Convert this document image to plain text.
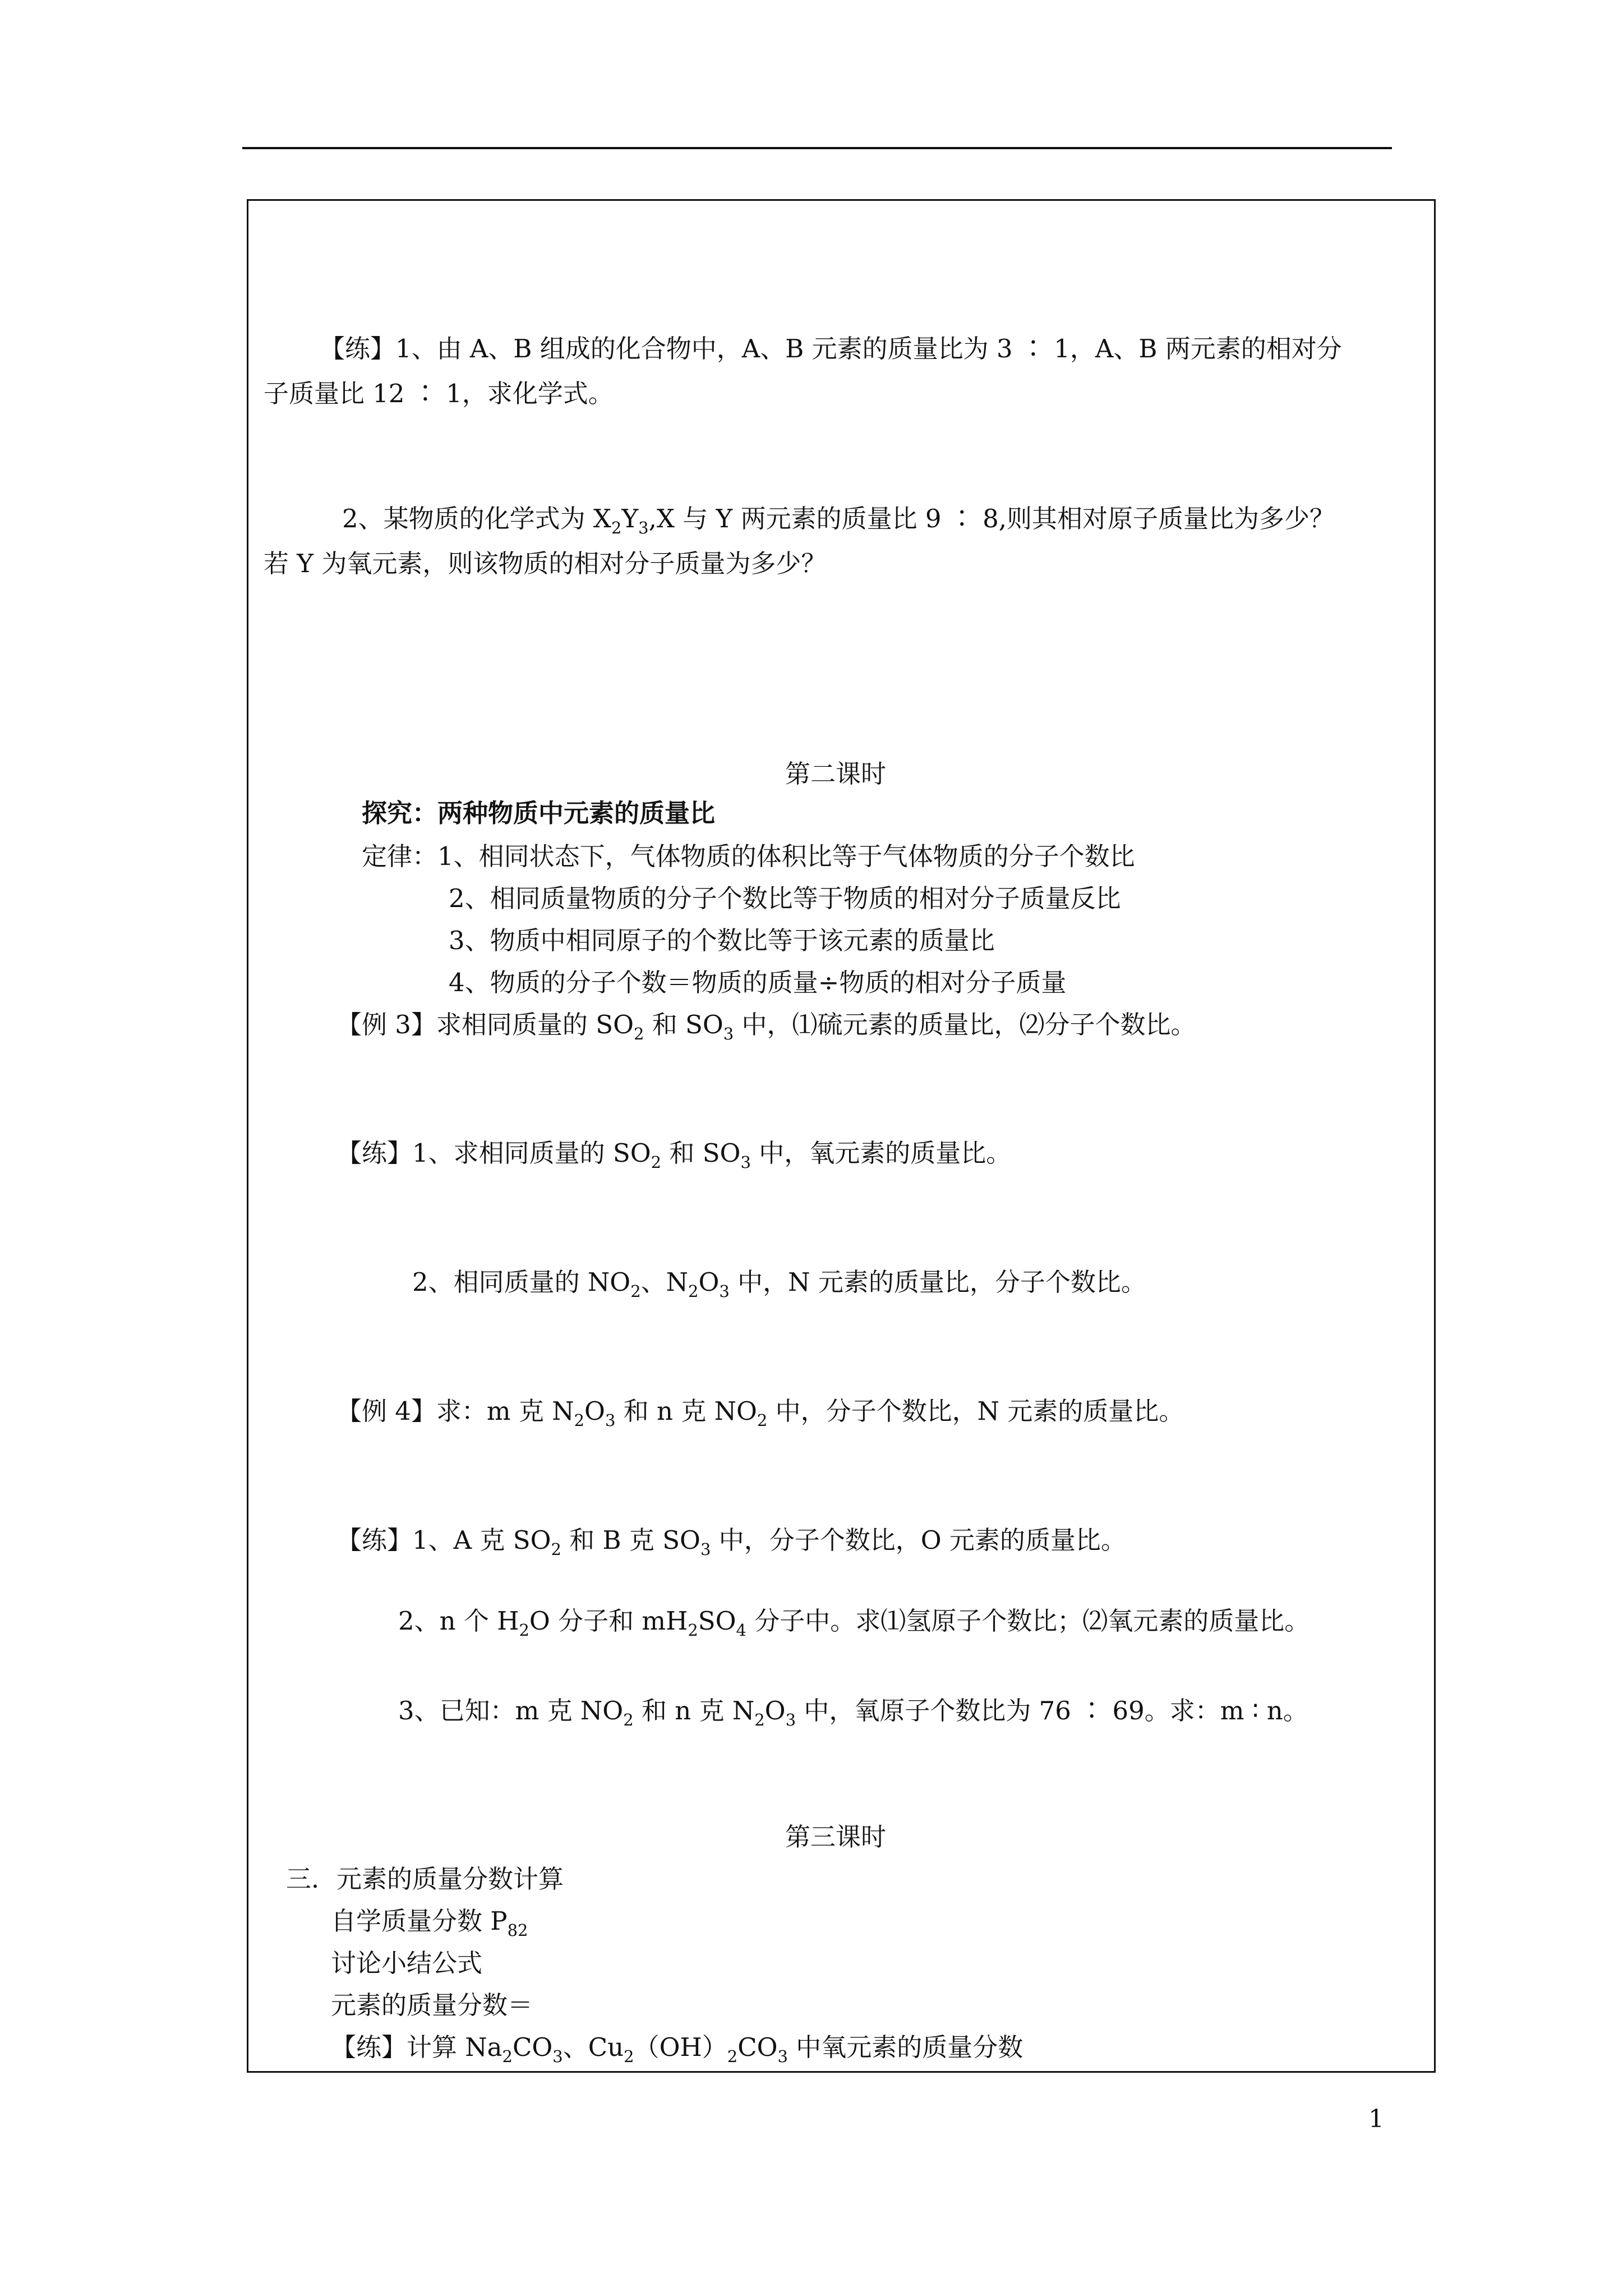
【练】1、由 A、B 组成的化合物中，A、B 元素的质量比为 3 ∶ 1，A、B 两元素的相对分
子质量比 12 ∶ 1，求化学式。
2、某物质的化学式为 $X_2Y_3,X$ 与 Y 两元素的质量比 9 ∶ 8,则其相对原子质量比为多少？
若 Y 为氧元素，则该物质的相对分子质量为多少？
第二课时
探究：两种物质中元素的质量比
定律：1、相同状态下，气体物质的体积比等于气体物质的分子个数比
2、相同质量物质的分子个数比等于物质的相对分子质量反比
3、物质中相同原子的个数比等于该元素的质量比
4、物质的分子个数＝物质的质量÷物质的相对分子质量
【例 3】求相同质量的 $SO_2$ 和 $SO_3$ 中，⑴硫元素的质量比，⑵分子个数比。
【练】1、求相同质量的 $SO_2$ 和 $SO_3$ 中，氧元素的质量比。
2、相同质量的 $NO_2$、$N_2O_3$ 中，N 元素的质量比，分子个数比。
【例 4】求：m 克 $N_2O_3$ 和 n 克 $NO_2$ 中，分子个数比，N 元素的质量比。
【练】1、A 克 $SO_2$ 和 B 克 $SO_3$ 中，分子个数比，O 元素的质量比。
2、n 个 $H_2O$ 分子和 $mH_2SO_4$ 分子中。求⑴氢原子个数比；⑵氧元素的质量比。
3、已知：m 克 $NO_2$ 和 n 克 $N_2O_3$ 中，氧原子个数比为 76 ∶ 69。求：m ∶ n。
第三课时
三．元素的质量分数计算
自学质量分数 $P_{82}$
讨论小结公式
元素的质量分数＝
【练】计算 $Na_2CO_3$、$Cu_2(OH)_2CO_3$ 中氧元素的质量分数
1
